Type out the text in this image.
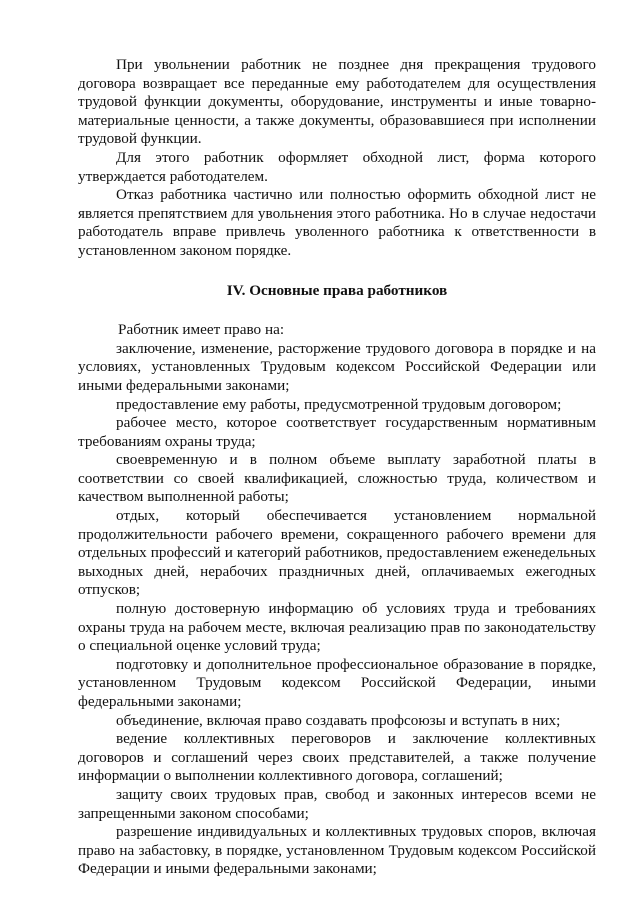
При увольнении работник не позднее дня прекращения трудового договора возвращает все переданные ему работодателем для осуществления трудовой функции документы, оборудование, инструменты и иные товарно-материальные ценности, а также документы, образовавшиеся при исполнении трудовой функции.

Для этого работник оформляет обходной лист, форма которого утверждается работодателем.

Отказ работника частично или полностью оформить обходной лист не является препятствием для увольнения этого работника. Но в случае недостачи работодатель вправе привлечь уволенного работника к ответственности в установленном законом порядке.

IV. Основные права работников

Работник имеет право на:

заключение, изменение, расторжение трудового договора в порядке и на условиях, установленных Трудовым кодексом Российской Федерации или иными федеральными законами;

предоставление ему работы, предусмотренной трудовым договором;

рабочее место, которое соответствует государственным нормативным требованиям охраны труда;

своевременную и в полном объеме выплату заработной платы в соответствии со своей квалификацией, сложностью труда, количеством и качеством выполненной работы;

отдых, который обеспечивается установлением нормальной продолжительности рабочего времени, сокращенного рабочего времени для отдельных профессий и категорий работников, предоставлением еженедельных выходных дней, нерабочих праздничных дней, оплачиваемых ежегодных отпусков;

полную достоверную информацию об условиях труда и требованиях охраны труда на рабочем месте, включая реализацию прав по законодательству о специальной оценке условий труда;

подготовку и дополнительное профессиональное образование в порядке, установленном Трудовым кодексом Российской Федерации, иными федеральными законами;

объединение, включая право создавать профсоюзы и вступать в них;

ведение коллективных переговоров и заключение коллективных договоров и соглашений через своих представителей, а также получение информации о выполнении коллективного договора, соглашений;

защиту своих трудовых прав, свобод и законных интересов всеми не запрещенными законом способами;

разрешение индивидуальных и коллективных трудовых споров, включая право на забастовку, в порядке, установленном Трудовым кодексом Российской Федерации и иными федеральными законами;
